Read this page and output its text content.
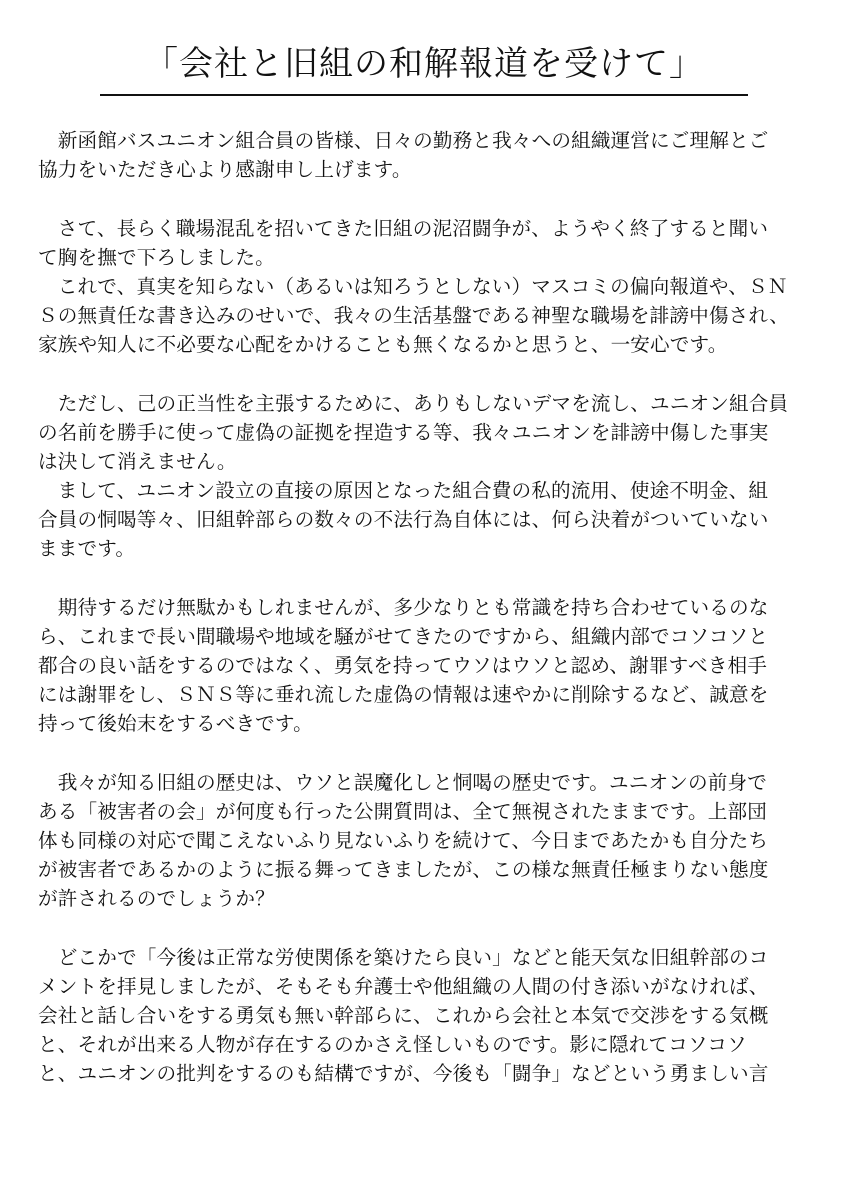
「会社と旧組の和解報道を受けて」
　新函館バスユニオン組合員の皆様、日々の勤務と我々への組織運営にご理解とご
協力をいただき心より感謝申し上げます。
　さて、長らく職場混乱を招いてきた旧組の泥沼闘争が、ようやく終了すると聞い
て胸を撫で下ろしました。
　これで、真実を知らない（あるいは知ろうとしない）マスコミの偏向報道や、ＳＮ
Ｓの無責任な書き込みのせいで、我々の生活基盤である神聖な職場を誹謗中傷され、
家族や知人に不必要な心配をかけることも無くなるかと思うと、一安心です。
　ただし、己の正当性を主張するために、ありもしないデマを流し、ユニオン組合員
の名前を勝手に使って虚偽の証拠を捏造する等、我々ユニオンを誹謗中傷した事実
は決して消えません。
　まして、ユニオン設立の直接の原因となった組合費の私的流用、使途不明金、組
合員の恫喝等々、旧組幹部らの数々の不法行為自体には、何ら決着がついていない
ままです。
　期待するだけ無駄かもしれませんが、多少なりとも常識を持ち合わせているのな
ら、これまで長い間職場や地域を騒がせてきたのですから、組織内部でコソコソと
都合の良い話をするのではなく、勇気を持ってウソはウソと認め、謝罪すべき相手
には謝罪をし、ＳＮＳ等に垂れ流した虚偽の情報は速やかに削除するなど、誠意を
持って後始末をするべきです。
　我々が知る旧組の歴史は、ウソと誤魔化しと恫喝の歴史です。ユニオンの前身で
ある「被害者の会」が何度も行った公開質問は、全て無視されたままです。上部団
体も同様の対応で聞こえないふり見ないふりを続けて、今日まであたかも自分たち
が被害者であるかのように振る舞ってきましたが、この様な無責任極まりない態度
が許されるのでしょうか？
　どこかで「今後は正常な労使関係を築けたら良い」などと能天気な旧組幹部のコ
メントを拝見しましたが、そもそも弁護士や他組織の人間の付き添いがなければ、
会社と話し合いをする勇気も無い幹部らに、これから会社と本気で交渉をする気概
と、それが出来る人物が存在するのかさえ怪しいものです。影に隠れてコソコソ
と、ユニオンの批判をするのも結構ですが、今後も「闘争」などという勇ましい言
